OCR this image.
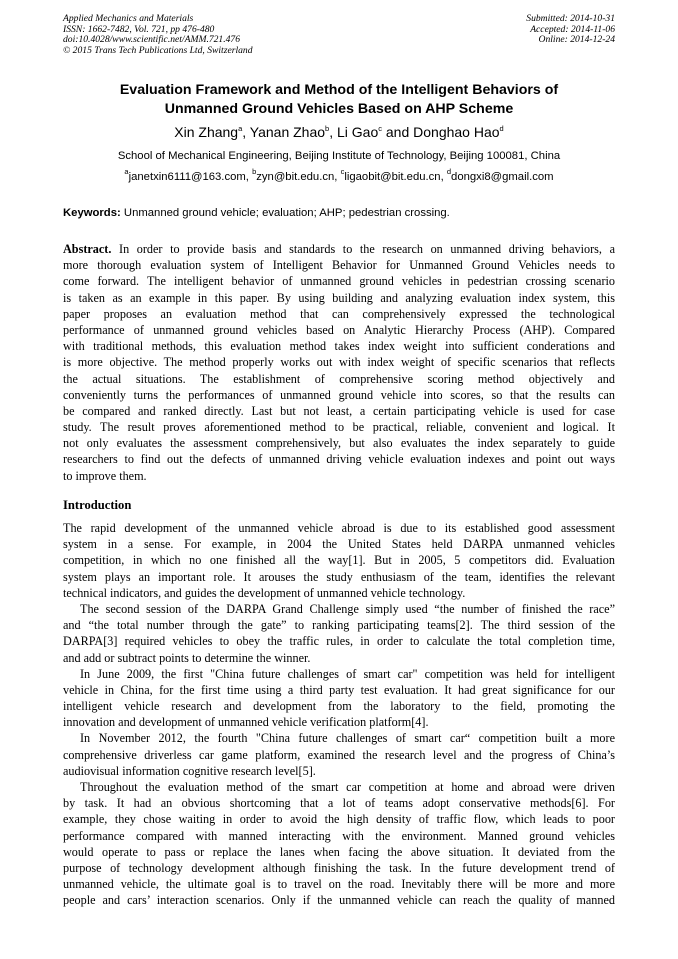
Applied Mechanics and Materials
ISSN: 1662-7482, Vol. 721, pp 476-480
doi:10.4028/www.scientific.net/AMM.721.476
© 2015 Trans Tech Publications Ltd, Switzerland
Submitted: 2014-10-31
Accepted: 2014-11-06
Online: 2014-12-24
Evaluation Framework and Method of the Intelligent Behaviors of
Unmanned Ground Vehicles Based on AHP Scheme
Xin Zhang$^a$, Yanan Zhao$^b$, Li Gao$^c$ and Donghao Hao$^d$
School of Mechanical Engineering, Beijing Institute of Technology, Beijing 100081, China
$^a$janetxin6111@163.com, $^b$zyn@bit.edu.cn, $^c$ligaobit@bit.edu.cn, $^d$dongxi8@gmail.com
Keywords: Unmanned ground vehicle; evaluation; AHP; pedestrian crossing.
Abstract. In order to provide basis and standards to the research on unmanned driving behaviors, a
more thorough evaluation system of Intelligent Behavior for Unmanned Ground Vehicles needs to
come forward. The intelligent behavior of unmanned ground vehicles in pedestrian crossing scenario
is taken as an example in this paper. By using building and analyzing evaluation index system, this
paper proposes an evaluation method that can comprehensively expressed the technological
performance of unmanned ground vehicles based on Analytic Hierarchy Process (AHP). Compared
with traditional methods, this evaluation method takes index weight into sufficient conderations and
is more objective. The method properly works out with index weight of specific scenarios that reflects
the actual situations. The establishment of comprehensive scoring method objectively and
conveniently turns the performances of unmanned ground vehicle into scores, so that the results can
be compared and ranked directly. Last but not least, a certain participating vehicle is used for case
study. The result proves aforementioned method to be practical, reliable, convenient and logical. It
not only evaluates the assessment comprehensively, but also evaluates the index separately to guide
researchers to find out the defects of unmanned driving vehicle evaluation indexes and point out ways
to improve them.
Introduction
The rapid development of the unmanned vehicle abroad is due to its established good assessment
system in a sense. For example, in 2004 the United States held DARPA unmanned vehicles
competition, in which no one finished all the way[1]. But in 2005, 5 competitors did. Evaluation
system plays an important role. It arouses the study enthusiasm of the team, identifies the relevant
technical indicators, and guides the development of unmanned vehicle technology.
The second session of the DARPA Grand Challenge simply used “the number of finished the race”
and “the total number through the gate” to ranking participating teams[2]. The third session of the
DARPA[3] required vehicles to obey the traffic rules, in order to calculate the total completion time,
and add or subtract points to determine the winner.
In June 2009, the first "China future challenges of smart car" competition was held for intelligent
vehicle in China, for the first time using a third party test evaluation. It had great significance for our
intelligent vehicle research and development from the laboratory to the field, promoting the
innovation and development of unmanned vehicle verification platform[4].
In November 2012, the fourth "China future challenges of smart car“ competition built a more
comprehensive driverless car game platform, examined the research level and the progress of China’s
audiovisual information cognitive research level[5].
Throughout the evaluation method of the smart car competition at home and abroad were driven
by task. It had an obvious shortcoming that a lot of teams adopt conservative methods[6]. For
example, they chose waiting in order to avoid the high density of traffic flow, which leads to poor
performance compared with manned interacting with the environment. Manned ground vehicles
would operate to pass or replace the lanes when facing the above situation. It deviated from the
purpose of technology development although finishing the task. In the future development trend of
unmanned vehicle, the ultimate goal is to travel on the road. Inevitably there will be more and more
people and cars’ interaction scenarios. Only if the unmanned vehicle can reach the quality of manned
